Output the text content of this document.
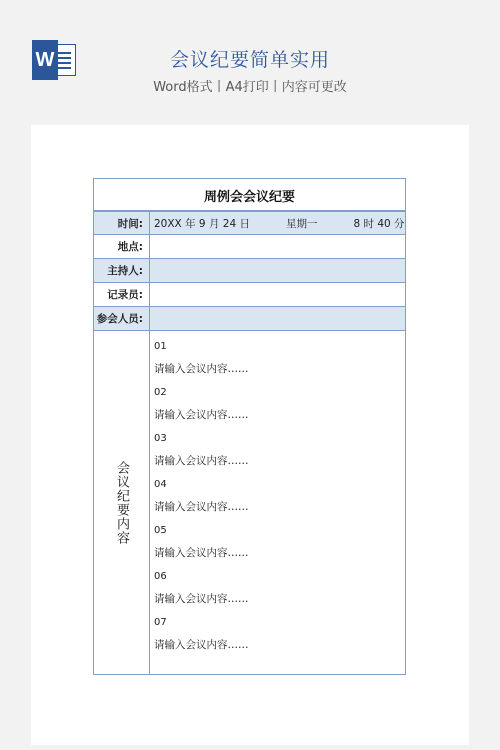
W	会议纪要简单实用
Word格式丨A4打印丨内容可更改
周例会会议纪要
时间:	20XX 年 9 月 24 日	星期一	8 时 40 分
地点:
主持人:
记录员:
参会人员:
会议纪要内容
01
请输入会议内容……
02
请输入会议内容……
03
请输入会议内容……
04
请输入会议内容……
05
请输入会议内容……
06
请输入会议内容……
07
请输入会议内容……
